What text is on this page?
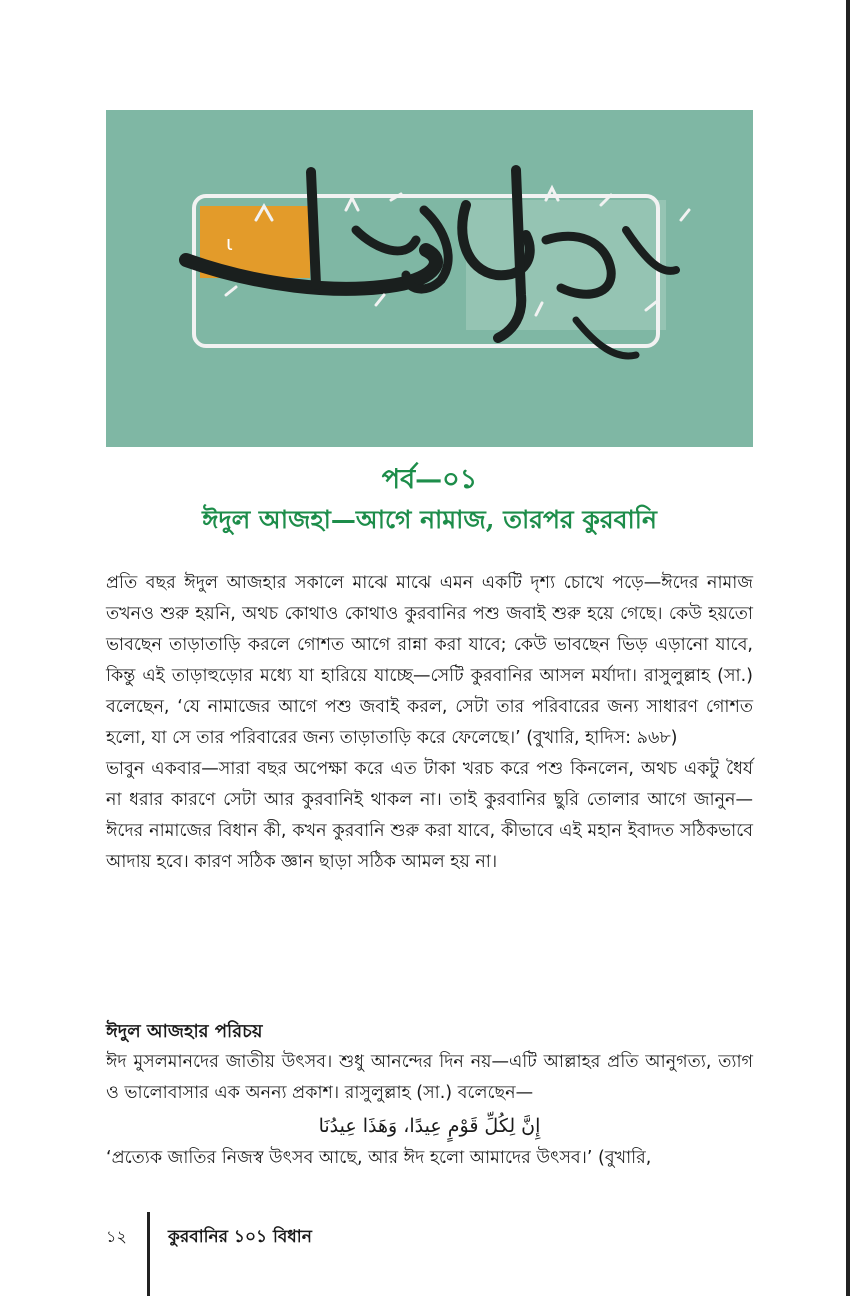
ɩ
পর্ব—০১
ঈদুল আজহা—আগে নামাজ, তারপর কুরবানি

প্রতি বছর ঈদুল আজহার সকালে মাঝে মাঝে এমন একটি দৃশ্য চোখে পড়ে—ঈদের নামাজ তখনও শুরু হয়নি, অথচ কোথাও কোথাও কুরবানির পশু জবাই শুরু হয়ে গেছে। কেউ হয়তো ভাবছেন তাড়াতাড়ি করলে গোশত আগে রান্না করা যাবে; কেউ ভাবছেন ভিড় এড়ানো যাবে, কিন্তু এই তাড়াহুড়োর মধ্যে যা হারিয়ে যাচ্ছে—সেটি কুরবানির আসল মর্যাদা। রাসুলুল্লাহ (সা.) বলেছেন, ‘যে নামাজের আগে পশু জবাই করল, সেটা তার পরিবারের জন্য সাধারণ গোশত হলো, যা সে তার পরিবারের জন্য তাড়াতাড়ি করে ফেলেছে।’ (বুখারি, হাদিস: ৯৬৮)

ভাবুন একবার—সারা বছর অপেক্ষা করে এত টাকা খরচ করে পশু কিনলেন, অথচ একটু ধৈর্য না ধরার কারণে সেটা আর কুরবানিই থাকল না। তাই কুরবানির ছুরি তোলার আগে জানুন—ঈদের নামাজের বিধান কী, কখন কুরবানি শুরু করা যাবে, কীভাবে এই মহান ইবাদত সঠিকভাবে আদায় হবে। কারণ সঠিক জ্ঞান ছাড়া সঠিক আমল হয় না।

ঈদুল আজহার পরিচয়

ঈদ মুসলমানদের জাতীয় উৎসব। শুধু আনন্দের দিন নয়—এটি আল্লাহর প্রতি আনুগত্য, ত্যাগ ও ভালোবাসার এক অনন্য প্রকাশ। রাসুলুল্লাহ (সা.) বলেছেন—

إِنَّ لِكُلِّ قَوْمٍ عِيدًا، وَهَذَا عِيدُنَا

‘প্রত্যেক জাতির নিজস্ব উৎসব আছে, আর ঈদ হলো আমাদের উৎসব।’ (বুখারি,

১২ কুরবানির ১০১ বিধান
